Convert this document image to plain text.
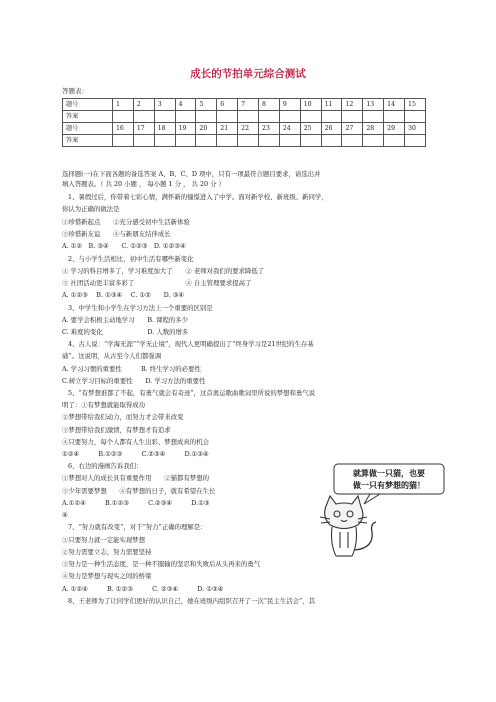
成长的节拍单元综合测试
答题表：
题号	1	2	3	4	5	6	7	8	9	10	11	12	13	14	15
答案															
题号	16	17	18	19	20	21	22	23	24	25	26	27	28	29	30
答案															
选择题(一)在下面各题的备选答案 A、B、C、D 项中，只有一项最符合题目要求，请选出并
填入答题表。（ 共 20 小题 ， 每小题 1 分 ， 共 20 分 ）
1、暑假过后，你带着七彩心情，满怀新的憧憬进入了中学。面对新学校、新班级、新同学，
你认为正确的做法是
①珍惜新起点　　②充分感受初中生活新体验
③珍惜新友谊　　④与新朋友结伴成长
A. ①②　B. ③④　　C. ①②③　D. ①②③④
2、与小学生活相比，初中生活有哪些新变化
① 学习的科目增多了，学习难度加大了　　② 老师对我们的要求降低了
③ 社团活动更丰富多彩了　　　　　　　　④ 自主管理要求提高了
A. ①②③　 B. ①③④　 C. ①②　　D. ③④
3、中学生和小学生在学习方法上一个重要的区别是
A. 要学会积极主动地学习　　B. 课程的多少
C. 难度的变化　　　　　　　D. 人数的增多
4、古人说：“学海无涯”“学无止境”，现代人更明确提出了“终身学习是21世纪的生存基
础”。这说明，从古至今人们都强调
A. 学习习惯的重要性　　　B. 终生学习的必要性
C.树立学习目标的重要性　　D. 学习方法的重要性
5、“有梦想谁都了不起，有勇气就会有奇迹”，这首奥运歌曲歌词里所说的梦想和勇气说
明了：①有梦想就能取得成功
②梦想带给我们动力，而努力才会带来改变
③梦想带给我们激情，有梦想才有追求
④只要努力，每个人都有人生出彩、梦想成真的机会
①②④　　　B.①②③　　　C.②③④　　　D.①③④
6、右边的漫画告诉我们：
①梦想对人的成长具有重要作用　　②猫都有梦想的
③少年需要梦想　　④有梦想的日子，就有希望在生长
A.①②④　　　B.①②③　　　C.②③④　　　D.①③
④
7、“努力就有改变”，对于“努力”正确的理解是：
①只要努力就一定能实现梦想
②努力需要立志，努力需要坚持
③努力是一种生活态度，是一种不服输的坚忍和失败后从头再来的勇气
④努力是梦想与现实之间的桥梁
A. ①②④　　　B. ①②③　　　C. ②③④　　　D. ①③④
8、王老师为了让同学们更好的认识自己，她在班级内组织召开了一次“民主生活会”，其
就算做一只猫，也要
做一只有梦想的猫！
